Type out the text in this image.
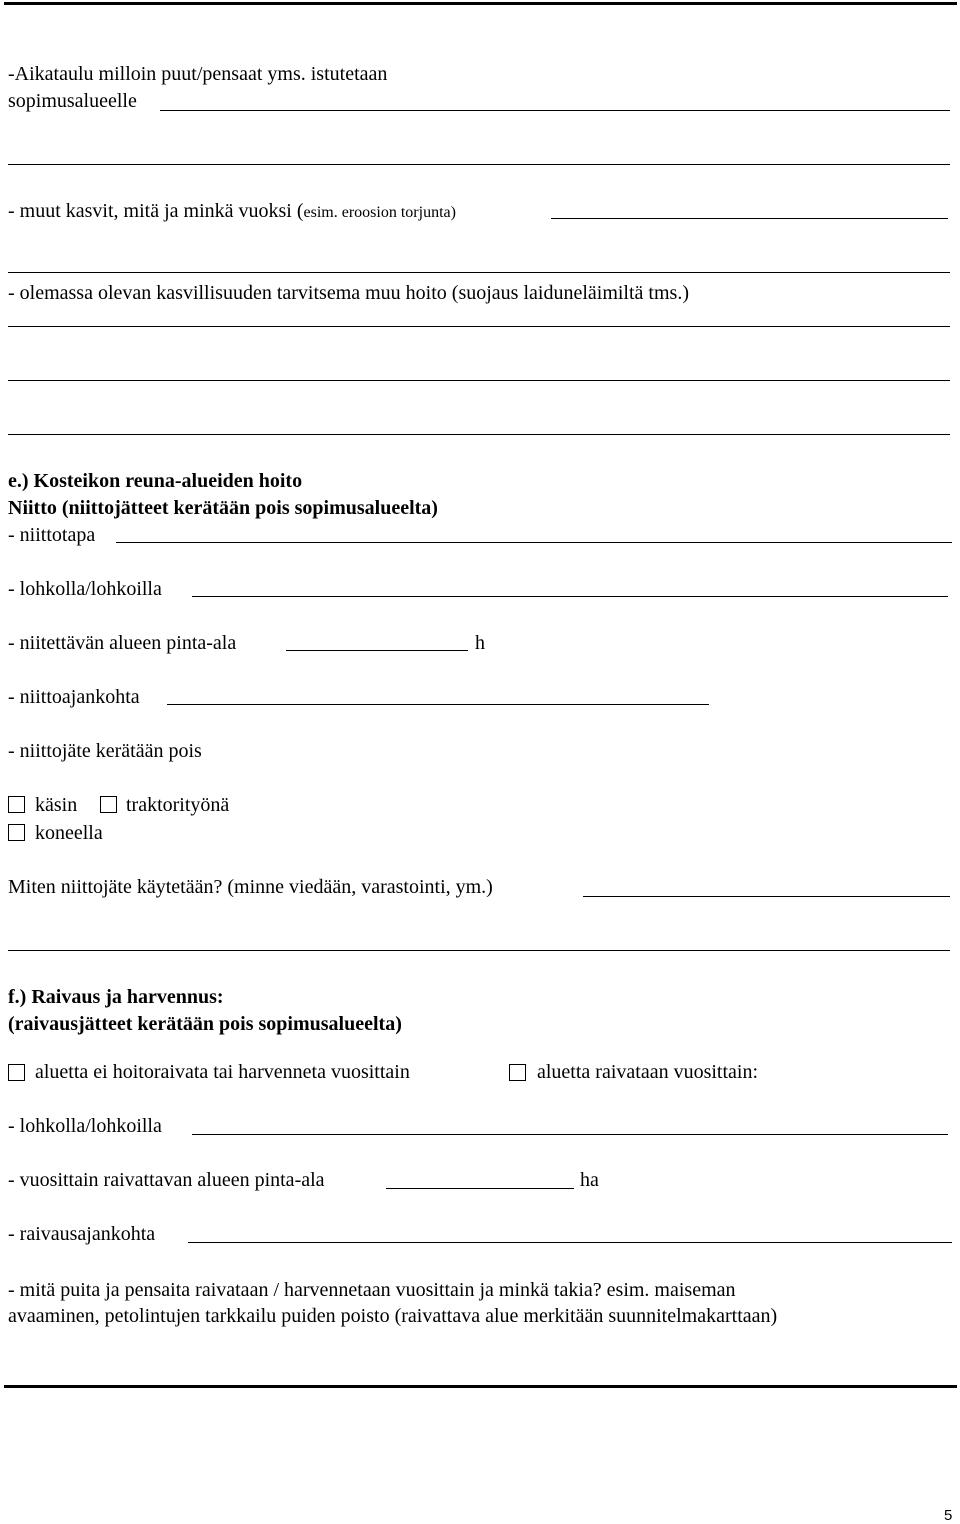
-Aikataulu milloin puut/pensaat yms. istutetaan
sopimusalueelle
- muut kasvit, mitä ja minkä vuoksi (esim. eroosion torjunta)
- olemassa olevan kasvillisuuden tarvitsema muu hoito (suojaus laiduneläimiltä tms.)
e.) Kosteikon reuna-alueiden hoito
Niitto (niittojätteet kerätään pois sopimusalueelta)
- niittotapa
- lohkolla/lohkoilla
- niitettävän alueen pinta-ala	h
- niittoajankohta
- niittojäte kerätään pois
käsin traktorityönä
koneella
Miten niittojäte käytetään? (minne viedään, varastointi, ym.)
f.) Raivaus ja harvennus:
(raivausjätteet kerätään pois sopimusalueelta)
aluetta ei hoitoraivata tai harvenneta vuosittain	aluetta raivataan vuosittain:
- lohkolla/lohkoilla
- vuosittain raivattavan alueen pinta-ala	ha
- raivausajankohta
- mitä puita ja pensaita raivataan / harvennetaan vuosittain ja minkä takia? esim. maiseman
avaaminen, petolintujen tarkkailu puiden poisto (raivattava alue merkitään suunnitelmakarttaan)
5
